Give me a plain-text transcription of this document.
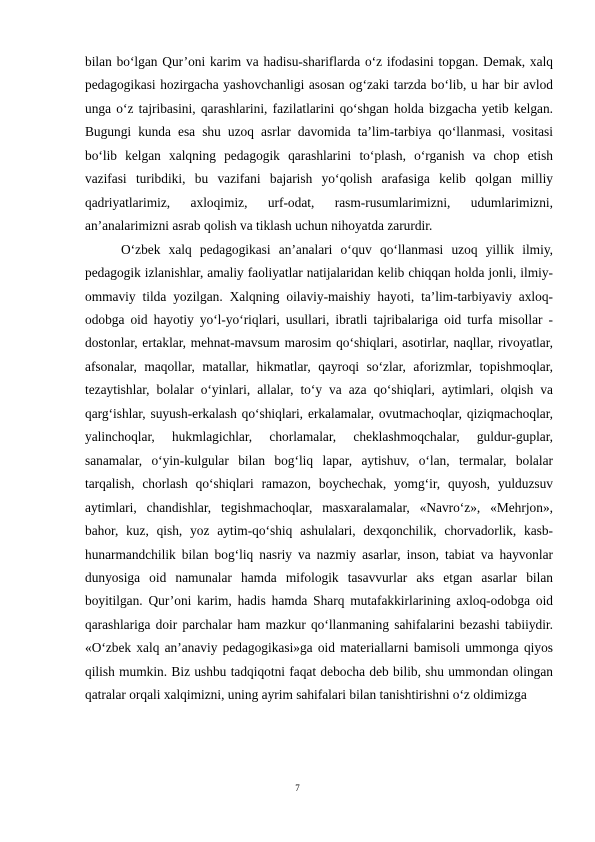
bilan bo‘lgan Qur’oni karim va hadisu-shariflarda o‘z ifodasini topgan. Demak, xalq pedagogikasi hozirgacha yashovchanligi asosan og‘zaki tarzda bo‘lib, u har bir avlod unga o‘z tajribasini, qarashlarini, fazilatlarini qo‘shgan holda bizgacha yetib kelgan. Bugungi kunda esa shu uzoq asrlar davomida ta’lim-tarbiya qo‘llanmasi, vositasi bo‘lib kelgan xalqning pedagogik qarashlarini to‘plash, o‘rganish va chop etish vazifasi turibdiki, bu vazifani bajarish yo‘qolish arafasiga kelib qolgan milliy qadriyatlarimiz, axloqimiz, urf-odat, rasm-rusumlarimizni, udumlarimizni, an’analarimizni asrab qolish va tiklash uchun nihoyatda zarurdir.

O‘zbek xalq pedagogikasi an’analari o‘quv qo‘llanmasi uzoq yillik ilmiy, pedagogik izlanishlar, amaliy faoliyatlar natijalaridan kelib chiqqan holda jonli, ilmiy-ommaviy tilda yozilgan. Xalqning oilaviy-maishiy hayoti, ta’lim-tarbiyaviy axloq-odobga oid hayotiy yo‘l-yo‘riqlari, usullari, ibratli tajribalariga oid turfa misollar - dostonlar, ertaklar, mehnat-mavsum marosim qo‘shiqlari, asotirlar, naqllar, rivoyatlar, afsonalar, maqollar, matallar, hikmatlar, qayroqi so‘zlar, aforizmlar, topishmoqlar, tezaytishlar, bolalar o‘yinlari, allalar, to‘y va aza qo‘shiqlari, aytimlari, olqish va qarg‘ishlar, suyush-erkalash qo‘shiqlari, erkalamalar, ovutmachoqlar, qiziqmachoqlar, yalinchoqlar, hukmlagichlar, chorlamalar, cheklashmoqchalar, guldur-guplar, sanamalar, o‘yin-kulgular bilan bog‘liq lapar, aytishuv, o‘lan, termalar, bolalar tarqalish, chorlash qo‘shiqlari ramazon, boychechak, yomg‘ir, quyosh, yulduzsuv aytimlari, chandishlar, tegishmachoqlar, masxaralamalar, «Navro‘z», «Mehrjon», bahor, kuz, qish, yoz aytim-qo‘shiq ashulalari, dexqonchilik, chorvadorlik, kasb-hunarmandchilik bilan bog‘liq nasriy va nazmiy asarlar, inson, tabiat va hayvonlar dunyosiga oid namunalar hamda mifologik tasavvurlar aks etgan asarlar bilan boyitilgan. Qur’oni karim, hadis hamda Sharq mutafakkirlarining axloq-odobga oid qarashlariga doir parchalar ham mazkur qo‘llanmaning sahifalarini bezashi tabiiydir. «O‘zbek xalq an’anaviy pedagogikasi»ga oid materiallarni bamisoli ummonga qiyos qilish mumkin. Biz ushbu tadqiqotni faqat debocha deb bilib, shu ummondan olingan qatralar orqali xalqimizni, uning ayrim sahifalari bilan tanishtirishni o‘z oldimizga

7
